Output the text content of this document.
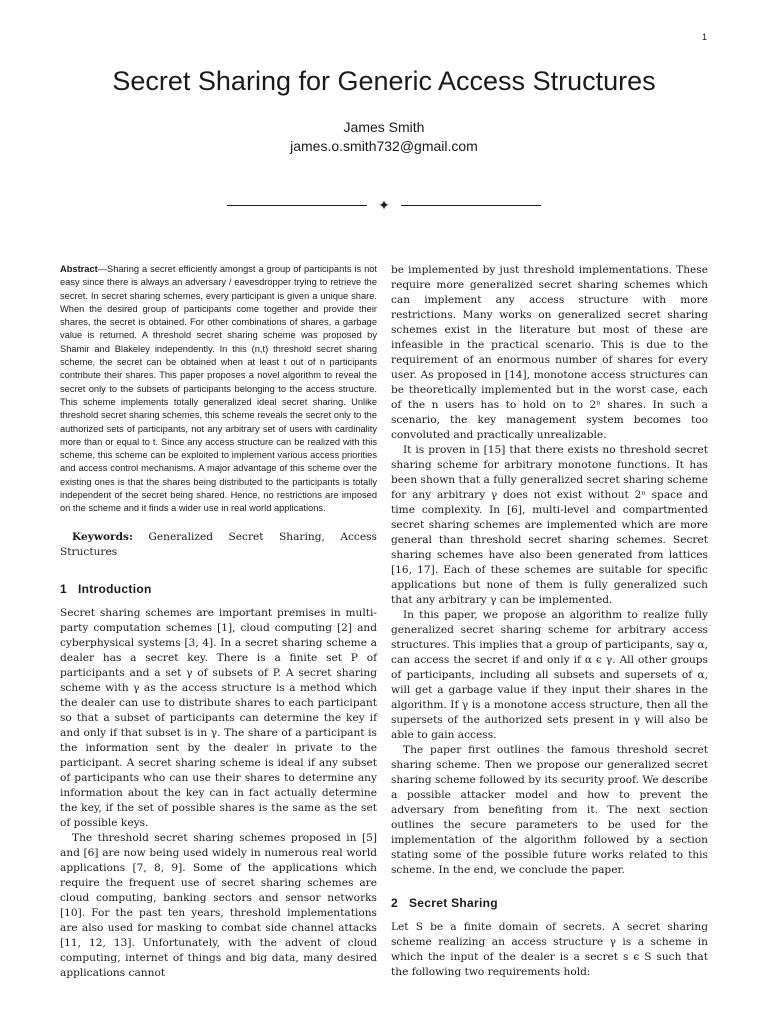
1
Secret Sharing for Generic Access Structures
James Smith
james.o.smith732@gmail.com
✦

Abstract—Sharing a secret efficiently amongst a group of participants is not easy since there is always an adversary / eavesdropper trying to retrieve the secret. In secret sharing schemes, every participant is given a unique share. When the desired group of participants come together and provide their shares, the secret is obtained. For other combinations of shares, a garbage value is returned. A threshold secret sharing scheme was proposed by Shamir and Blakeley independently. In this (n,t) threshold secret sharing scheme, the secret can be obtained when at least t out of n participants contribute their shares. This paper proposes a novel algorithm to reveal the secret only to the subsets of participants belonging to the access structure. This scheme implements totally generalized ideal secret sharing. Unlike threshold secret sharing schemes, this scheme reveals the secret only to the authorized sets of participants, not any arbitrary set of users with cardinality more than or equal to t. Since any access structure can be realized with this scheme, this scheme can be exploited to implement various access priorities and access control mechanisms. A major advantage of this scheme over the existing ones is that the shares being distributed to the participants is totally independent of the secret being shared. Hence, no restrictions are imposed on the scheme and it finds a wider use in real world applications.

Keywords: Generalized Secret Sharing, Access Structures

1 Introduction

Secret sharing schemes are important premises in multi-party computation schemes [1], cloud computing [2] and cyberphysical systems [3, 4]. In a secret sharing scheme a dealer has a secret key. There is a finite set P of participants and a set γ of subsets of P. A secret sharing scheme with γ as the access structure is a method which the dealer can use to distribute shares to each participant so that a subset of participants can determine the key if and only if that subset is in γ. The share of a participant is the information sent by the dealer in private to the participant. A secret sharing scheme is ideal if any subset of participants who can use their shares to determine any information about the key can in fact actually determine the key, if the set of possible shares is the same as the set of possible keys.

The threshold secret sharing schemes proposed in [5] and [6] are now being used widely in numerous real world applications [7, 8, 9]. Some of the applications which require the frequent use of secret sharing schemes are cloud computing, banking sectors and sensor networks [10]. For the past ten years, threshold implementations are also used for masking to combat side channel attacks [11, 12, 13]. Unfortunately, with the advent of cloud computing, internet of things and big data, many desired applications cannot

be implemented by just threshold implementations. These require more generalized secret sharing schemes which can implement any access structure with more restrictions. Many works on generalized secret sharing schemes exist in the literature but most of these are infeasible in the practical scenario. This is due to the requirement of an enormous number of shares for every user. As proposed in [14], monotone access structures can be theoretically implemented but in the worst case, each of the n users has to hold on to 2ⁿ shares. In such a scenario, the key management system becomes too convoluted and practically unrealizable.

It is proven in [15] that there exists no threshold secret sharing scheme for arbitrary monotone functions. It has been shown that a fully generalized secret sharing scheme for any arbitrary γ does not exist without 2ⁿ space and time complexity. In [6], multi-level and compartmented secret sharing schemes are implemented which are more general than threshold secret sharing schemes. Secret sharing schemes have also been generated from lattices [16, 17]. Each of these schemes are suitable for specific applications but none of them is fully generalized such that any arbitrary γ can be implemented.

In this paper, we propose an algorithm to realize fully generalized secret sharing scheme for arbitrary access structures. This implies that a group of participants, say α, can access the secret if and only if α ϵ γ. All other groups of participants, including all subsets and supersets of α, will get a garbage value if they input their shares in the algorithm. If γ is a monotone access structure, then all the supersets of the authorized sets present in γ will also be able to gain access.

The paper first outlines the famous threshold secret sharing scheme. Then we propose our generalized secret sharing scheme followed by its security proof. We describe a possible attacker model and how to prevent the adversary from benefiting from it. The next section outlines the secure parameters to be used for the implementation of the algorithm followed by a section stating some of the possible future works related to this scheme. In the end, we conclude the paper.

2 Secret Sharing

Let S be a finite domain of secrets. A secret sharing scheme realizing an access structure γ is a scheme in which the input of the dealer is a secret s ϵ S such that the following two requirements hold:
